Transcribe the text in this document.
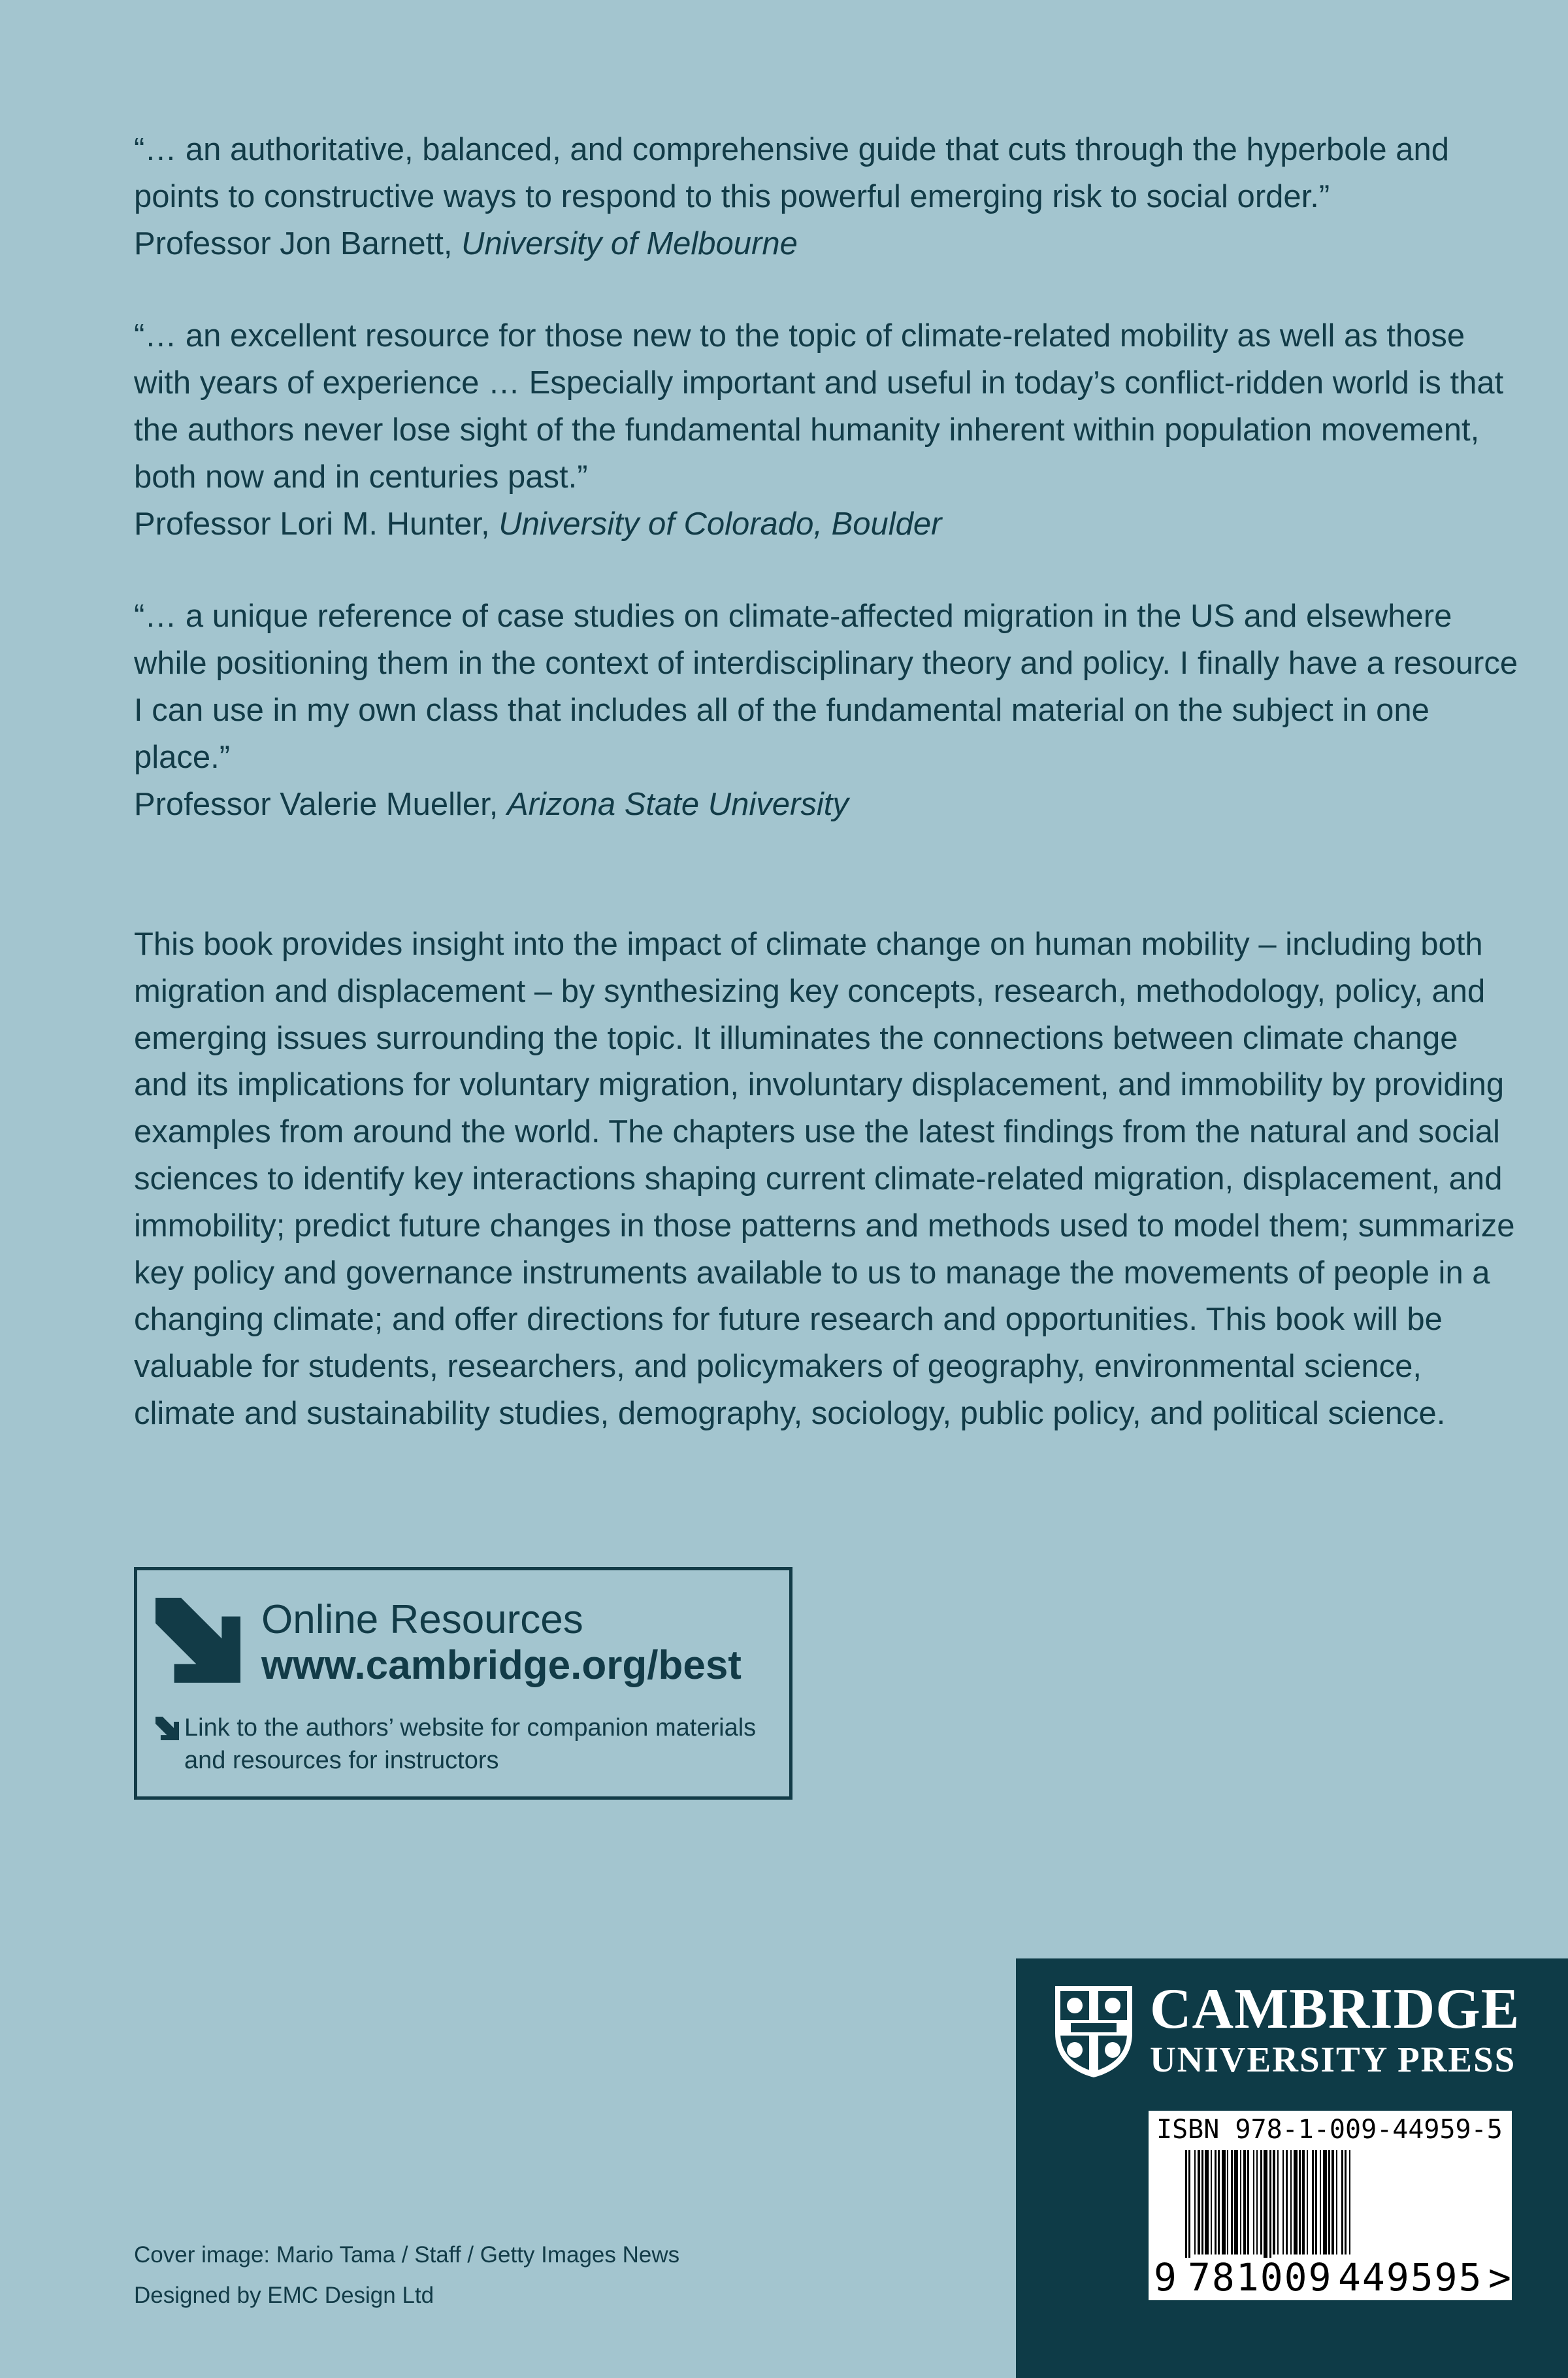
“… an authoritative, balanced, and comprehensive guide that cuts through the hyperbole and points to constructive ways to respond to this powerful emerging risk to social order.”

Professor Jon Barnett, University of Melbourne

“… an excellent resource for those new to the topic of climate-related mobility as well as those with years of experience … Especially important and useful in today’s conflict-ridden world is that the authors never lose sight of the fundamental humanity inherent within population movement, both now and in centuries past.”

Professor Lori M. Hunter, University of Colorado, Boulder

“… a unique reference of case studies on climate-affected migration in the US and elsewhere while positioning them in the context of interdisciplinary theory and policy. I finally have a resource I can use in my own class that includes all of the fundamental material on the subject in one place.”

Professor Valerie Mueller, Arizona State University

This book provides insight into the impact of climate change on human mobility – including both migration and displacement – by synthesizing key concepts, research, methodology, policy, and emerging issues surrounding the topic. It illuminates the connections between climate change and its implications for voluntary migration, involuntary displacement, and immobility by providing examples from around the world. The chapters use the latest findings from the natural and social sciences to identify key interactions shaping current climate-related migration, displacement, and immobility; predict future changes in those patterns and methods used to model them; summarize key policy and governance instruments available to us to manage the movements of people in a changing climate; and offer directions for future research and opportunities. This book will be valuable for students, researchers, and policymakers of geography, environmental science, climate and sustainability studies, demography, sociology, public policy, and political science.

Online Resources
www.cambridge.org/best
Link to the authors’ website for companion materials and resources for instructors
Cover image: Mario Tama / Staff / Getty Images News
Designed by EMC Design Ltd
CAMBRIDGE
UNIVERSITY PRESS
ISBN 978-1-009-44959-5
9 781009 449595 >
